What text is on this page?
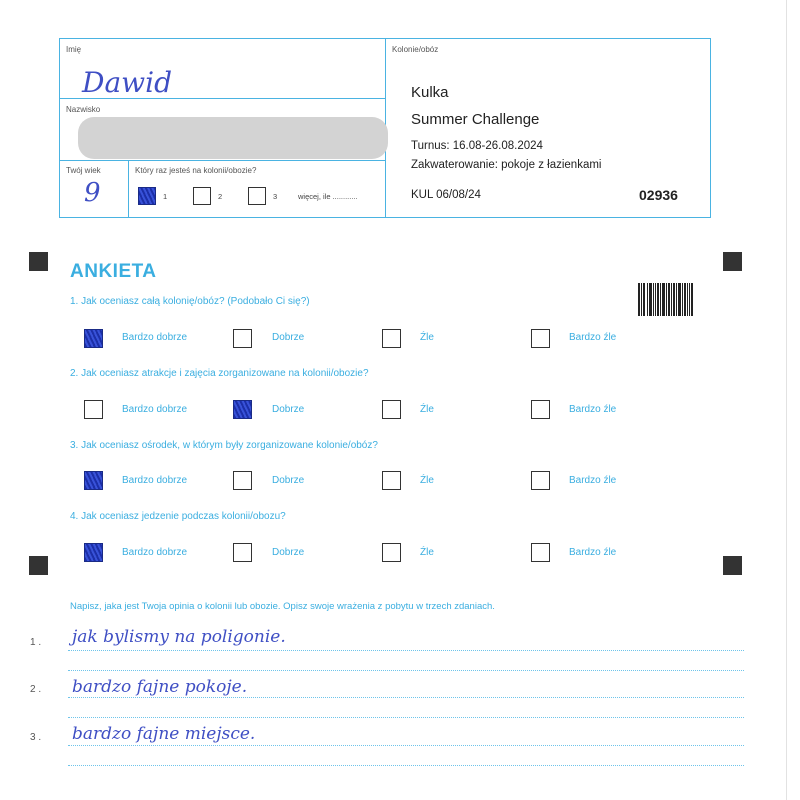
Imię
Dawid
Nazwisko
Twój wiek
9
Który raz jesteś na kolonii/obozie?
1	2	3	więcej, ile ............
Kolonie/obóz
Kulka
Summer Challenge
Turnus: 16.08-26.08.2024
Zakwaterowanie: pokoje z łazienkami
KUL 06/08/24	02936
ANKIETA
1. Jak oceniasz całą kolonię/obóz? (Podobało Ci się?)
Bardzo dobrze	Dobrze	Źle	Bardzo źle
2. Jak oceniasz atrakcje i zajęcia zorganizowane na kolonii/obozie?
Bardzo dobrze	Dobrze	Źle	Bardzo źle
3. Jak oceniasz ośrodek, w którym były zorganizowane kolonie/obóz?
Bardzo dobrze	Dobrze	Źle	Bardzo źle
4. Jak oceniasz jedzenie podczas kolonii/obozu?
Bardzo dobrze	Dobrze	Źle	Bardzo źle
Napisz, jaka jest Twoja opinia o kolonii lub obozie. Opisz swoje wrażenia z pobytu w trzech zdaniach.
1 . jak bylismy na poligonie.
2 . bardzo fajne pokoje.
3 . bardzo fajne miejsce.
